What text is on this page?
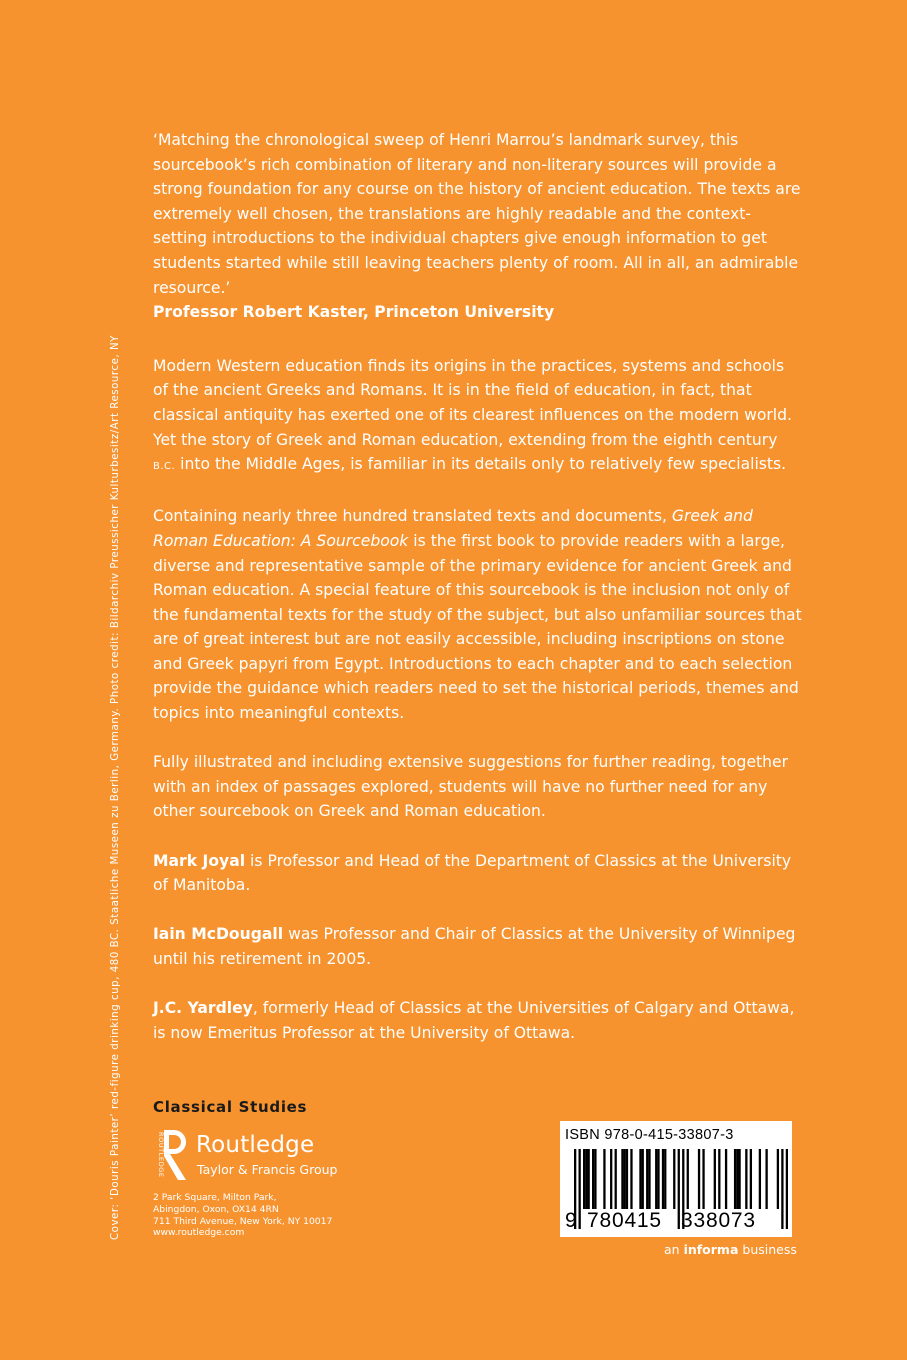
Cover: ‘Douris Painter’ red-figure drinking cup, 480 BC. Staatliche Museen zu Berlin, Germany. Photo credit: Bildarchiv Preussicher Kulturbesitz/Art Resource, NY

‘Matching the chronological sweep of Henri Marrou’s landmark survey, this sourcebook’s rich combination of literary and non-literary sources will provide a strong foundation for any course on the history of ancient education. The texts are extremely well chosen, the translations are highly readable and the context-setting introductions to the individual chapters give enough information to get students started while still leaving teachers plenty of room. All in all, an admirable resource.’

Professor Robert Kaster, Princeton University

Modern Western education finds its origins in the practices, systems and schools of the ancient Greeks and Romans. It is in the field of education, in fact, that classical antiquity has exerted one of its clearest influences on the modern world. Yet the story of Greek and Roman education, extending from the eighth century B.C. into the Middle Ages, is familiar in its details only to relatively few specialists.

Containing nearly three hundred translated texts and documents, Greek and Roman Education: A Sourcebook is the first book to provide readers with a large, diverse and representative sample of the primary evidence for ancient Greek and Roman education. A special feature of this sourcebook is the inclusion not only of the fundamental texts for the study of the subject, but also unfamiliar sources that are of great interest but are not easily accessible, including inscriptions on stone and Greek papyri from Egypt. Introductions to each chapter and to each selection provide the guidance which readers need to set the historical periods, themes and topics into meaningful contexts.

Fully illustrated and including extensive suggestions for further reading, together with an index of passages explored, students will have no further need for any other sourcebook on Greek and Roman education.

Mark Joyal is Professor and Head of the Department of Classics at the University of Manitoba.

Iain McDougall was Professor and Chair of Classics at the University of Winnipeg until his retirement in 2005.

J.C. Yardley, formerly Head of Classics at the Universities of Calgary and Ottawa, is now Emeritus Professor at the University of Ottawa.

Classical Studies
ROUTLEDGE Routledge
Taylor & Francis Group
2 Park Square, Milton Park,
Abingdon, Oxon, OX14 4RN
711 Third Avenue, New York, NY 10017
www.routledge.com
ISBN 978-0-415-33807-3
9 780415 338073
an informa business
